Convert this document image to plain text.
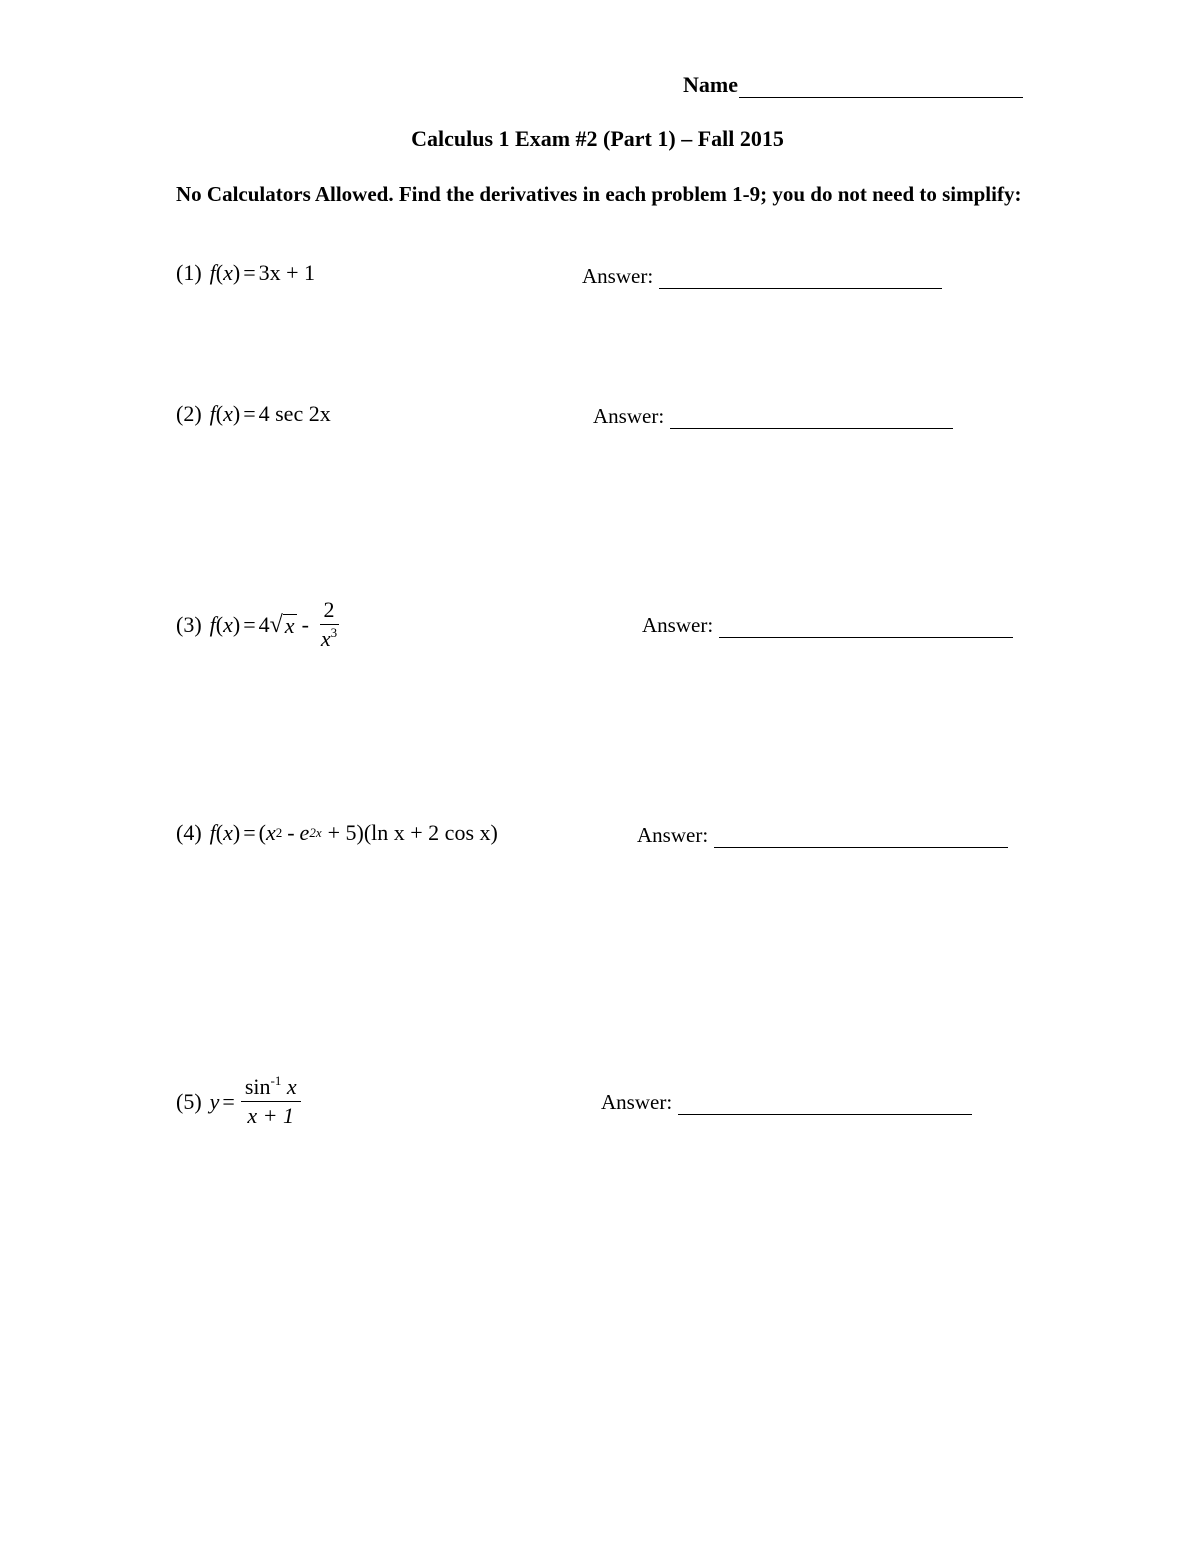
Name
Calculus 1 Exam #2 (Part 1) – Fall 2015
No Calculators Allowed. Find the derivatives in each problem 1-9; you do not need to simplify:
(1) f ( x ) = 3x + 1	Answer:
(2) f ( x ) = 4 sec 2x	Answer:
(3) f ( x ) = 4 √ x - $\frac{2}{x^3}$	Answer:
(4) f ( x ) = ( x 2 - e 2x + 5)(ln x + 2 cos x)	Answer:
(5) $y = \frac{\sin^{-1} x}{x + 1}$	Answer:
